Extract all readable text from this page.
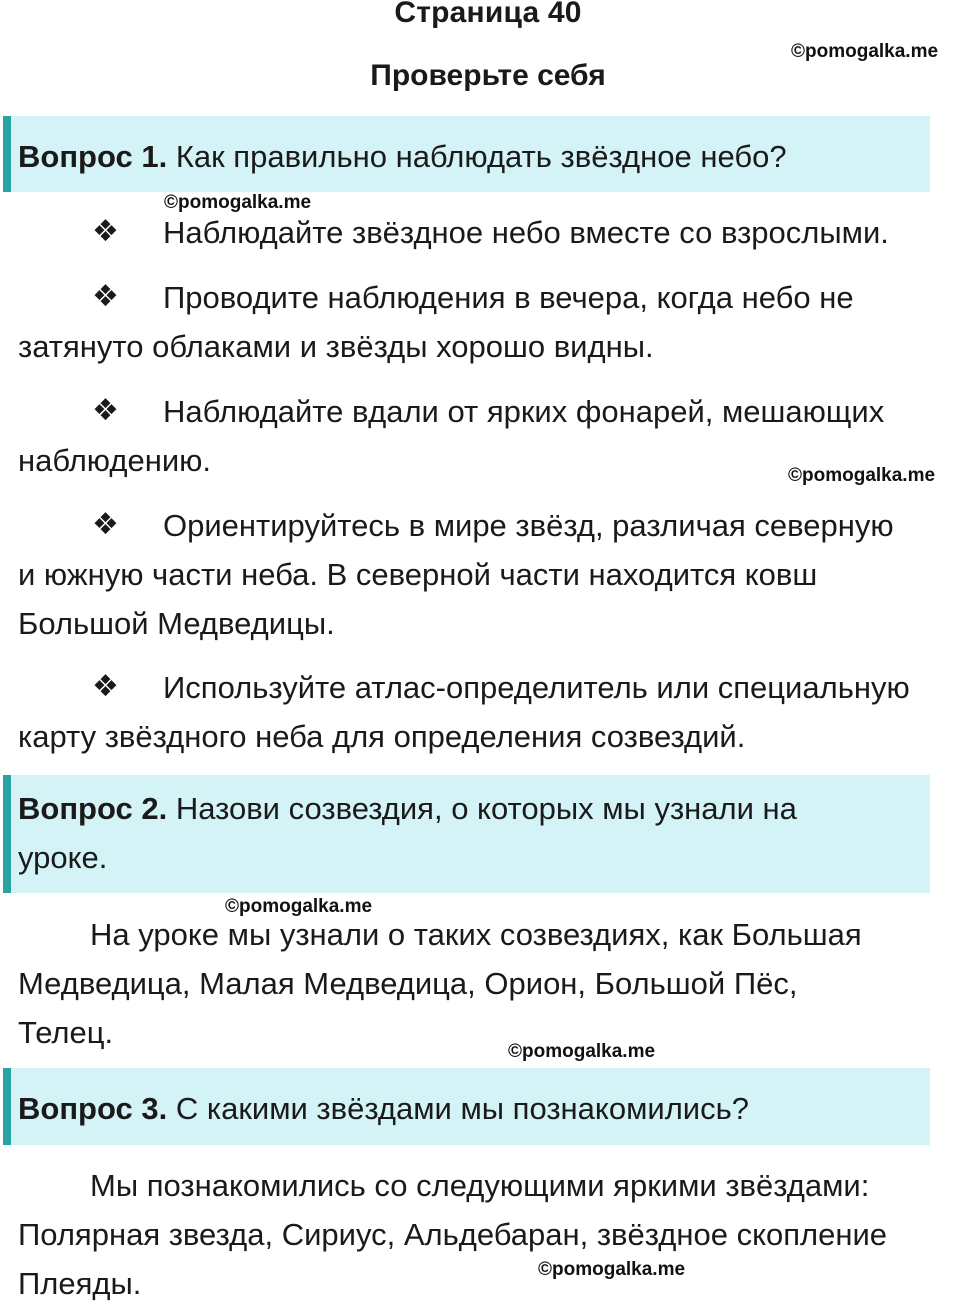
Страница 40
©pomogalka.me
Проверьте себя
Вопрос 1. Как правильно наблюдать звёздное небо?
©pomogalka.me
❖ Наблюдайте звёздное небо вместе со взрослыми.
❖ Проводите наблюдения в вечера, когда небо не
затянуто облаками и звёзды хорошо видны.
❖ Наблюдайте вдали от ярких фонарей, мешающих
наблюдению.	©pomogalka.me
❖ Ориентируйтесь в мире звёзд, различая северную
и южную части неба. В северной части находится ковш
Большой Медведицы.
❖ Используйте атлас-определитель или специальную
карту звёздного неба для определения созвездий.
Вопрос 2. Назови созвездия, о которых мы узнали на
уроке.
©pomogalka.me
На уроке мы узнали о таких созвездиях, как Большая
Медведица, Малая Медведица, Орион, Большой Пёс,
Телец.
©pomogalka.me
Вопрос 3. С какими звёздами мы познакомились?
Мы познакомились со следующими яркими звёздами:
Полярная звезда, Сириус, Альдебаран, звёздное скопление
Плеяды.	©pomogalka.me
